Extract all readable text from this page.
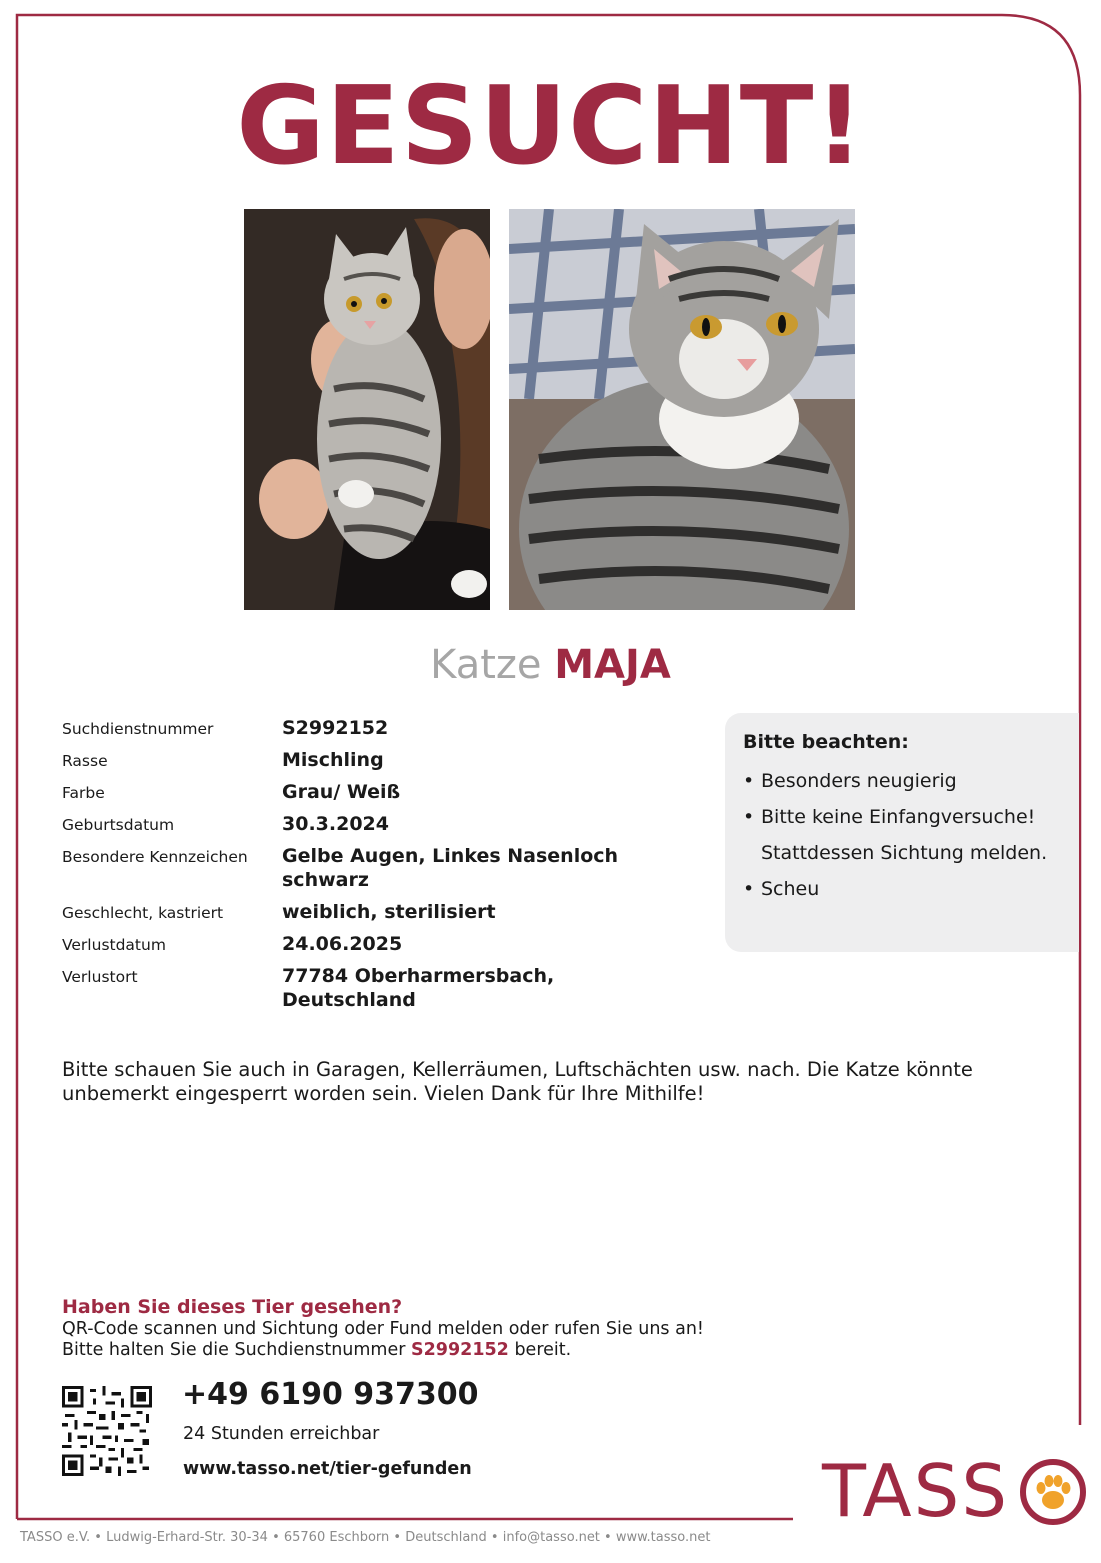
GESUCHT!
Katze MAJA
Suchdienstnummer	S2992152
Rasse	Mischling
Farbe	Grau/ Weiß
Geburtsdatum	30.3.2024
Besondere Kennzeichen	Gelbe Augen, Linkes Nasenloch schwarz
Geschlecht, kastriert	weiblich, sterilisiert
Verlustdatum	24.06.2025
Verlustort	77784 Oberharmersbach, Deutschland
Bitte beachten:
• Besonders neugierig
• Bitte keine Einfangversuche! Stattdessen Sichtung melden.
• Scheu
Bitte schauen Sie auch in Garagen, Kellerräumen, Luftschächten usw. nach. Die Katze könnte unbemerkt eingesperrt worden sein. Vielen Dank für Ihre Mithilfe!
Haben Sie dieses Tier gesehen?
QR-Code scannen und Sichtung oder Fund melden oder rufen Sie uns an!
Bitte halten Sie die Suchdienstnummer S2992152 bereit.
+49 6190 937300
24 Stunden erreichbar
www.tasso.net/tier-gefunden	TASS
TASSO e.V. • Ludwig-Erhard-Str. 30-34 • 65760 Eschborn • Deutschland • info@tasso.net • www.tasso.net
